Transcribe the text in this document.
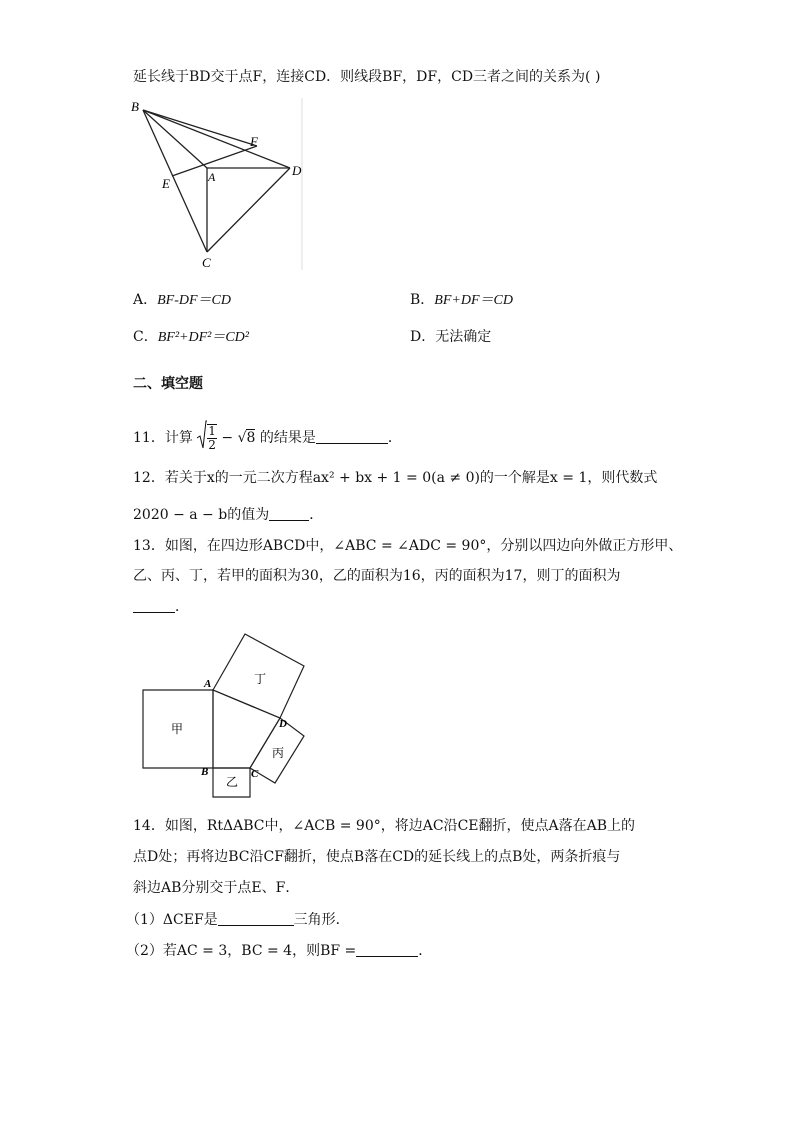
延长线于BD交于点F，连接CD．则线段BF，DF，CD三者之间的关系为( )
B
F
A	D
E
C
A．BF-DF＝CD	B．BF+DF＝CD
C．BF²+DF²＝CD²	D．无法确定
二、填空题
11．计算 $\frac{1}{2} - √8$ 的结果是	．
12．若关于x的一元二次方程ax² + bx + 1 = 0(a ≠ 0)的一个解是x = 1，则代数式
2020 − a − b的值为	．
13．如图，在四边形ABCD中，∠ABC = ∠ADC = 90°，分别以四边向外做正方形甲、
乙、丙、丁，若甲的面积为30，乙的面积为16，丙的面积为17，则丁的面积为
．
A
B	C
D
甲
乙
丁
丙
14．如图，RtΔABC中，∠ACB = 90°，将边AC沿CE翻折，使点A落在AB上的
点D处；再将边BC沿CF翻折，使点B落在CD的延长线上的点B处，两条折痕与
斜边AB分别交于点E、F．
（1）ΔCEF是	三角形．
（2）若AC = 3，BC = 4，则BF =	．
